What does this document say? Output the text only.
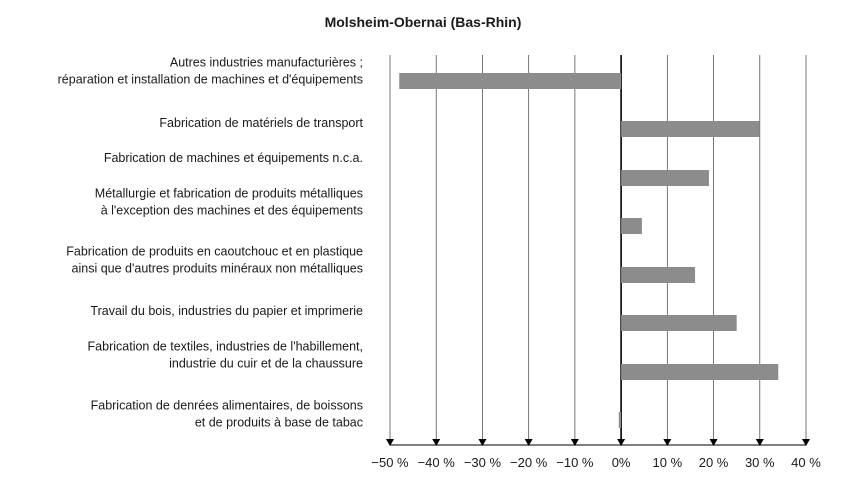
Molsheim-Obernai (Bas-Rhin)
−50 % −40 % −30 % −20 % −10 % 0% 10 % 20 % 30 % 40 %
Autres industries manufacturières ;
réparation et installation de machines et d'équipements
Fabrication de matériels de transport
Fabrication de machines et équipements n.c.a.
Métallurgie et fabrication de produits métalliques
à l'exception des machines et des équipements
Fabrication de produits en caoutchouc et en plastique
ainsi que d'autres produits minéraux non métalliques
Travail du bois, industries du papier et imprimerie
Fabrication de textiles, industries de l'habillement,
industrie du cuir et de la chaussure
Fabrication de denrées alimentaires, de boissons
et de produits à base de tabac
